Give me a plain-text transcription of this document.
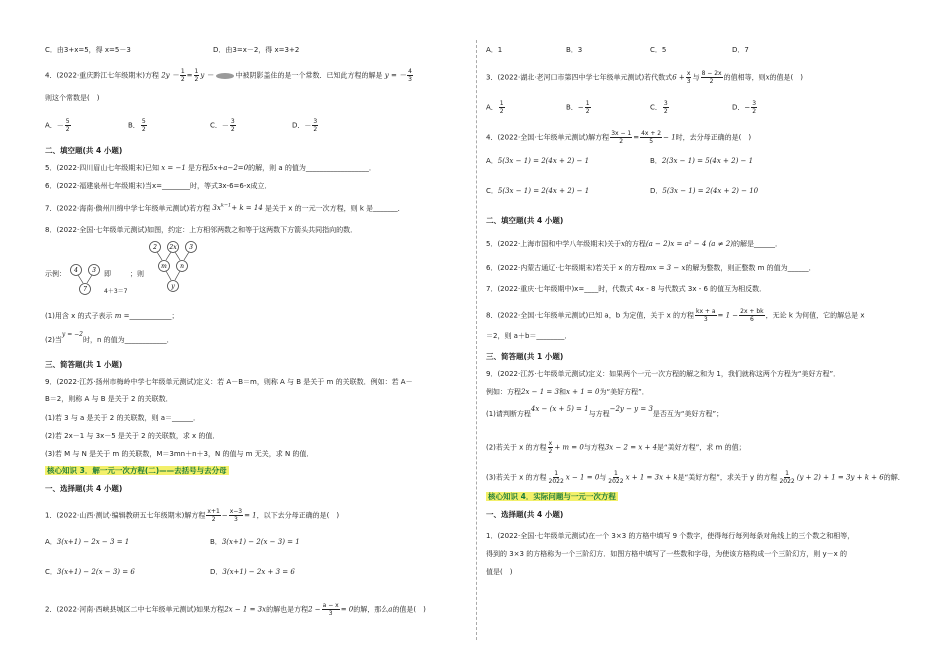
C．由3+x=5，得 x=5－3	D．由3=x－2，得 x=3+2
4．(2022·重庆黔江七年级期末)方程 $2y - \frac{1}{2} = \frac{1}{2}$ y －	中被阴影盖住的是一个常数．已知此方程的解是 y = － $\frac{4}{3}$
则这个常数是(　)
A．－ $\frac{5}{2}$	B． $\frac{5}{2}$	C．－ $\frac{3}{2}$	D．－ $\frac{3}{2}$
二、填空题(共 4 小题)
5．(2022·四川眉山七年级期末)已知 x = −1 是方程5x+a−2=0的解，则 a 的值为__________________．
6．(2022·福建泉州七年级期末)当x=________时，等式3x-6=6-x成立．
7．(2022·海南·儋州川绵中学七年级单元测试)若方程 $3x^{k-1}+ k = 14$ 是关于 x 的一元一次方程，则 k 是_______．
8．(2022·全国·七年级单元测试)如图，约定：上方相邻两数之和等于这两数下方箭头共同指向的数．
2 2x 3
m n
y
示例： 4 3
7
即
4＋3＝7
；则
(1)用含 x 的式子表示 m =____________；
(2)当y = −2时，n 的值为____________．
三、简答题(共 1 小题)
9．(2022·江苏·扬州市梅岭中学七年级单元测试)定义：若 A－B＝m，则称 A 与 B 是关于 m 的关联数．例如：若 A－
B＝2，则称 A 与 B 是关于 2 的关联数．
(1)若 3 与 a 是关于 2 的关联数，则 a＝______．
(2)若 2x－1 与 3x－5 是关于 2 的关联数，求 x 的值．
(3)若 M 与 N 是关于 m 的关联数，M＝3mn＋n＋3，N 的值与 m 无关，求 N 的值．
核心知识 3．解一元一次方程(二)——去括号与去分母
一、选择题(共 4 小题)
1．(2022·山西·测试·编辑教研五七年级期末)解方程 $\frac{x+1}{2} - \frac{x-3}{3} = 1$，以下去分母正确的是(　)
A．3(x+1) − 2x − 3 = 1	B．3(x+1) − 2(x − 3) = 1
C．3(x+1) − 2(x − 3) = 6	D．3(x+1) − 2x + 3 = 6
2．(2022·河南·西峡县城区二中七年级单元测试)如果方程2x − 1 = 3x的解也是方程$2 - \frac{a - x}{3} = 0$的解，那么a的值是(　)
A．1	B．3	C．5	D．7
3．(2022·湖北·老河口市第四中学七年级单元测试)若代数式$6 + \frac{x}{3}$ 与 $\frac{8 - 2x}{2}$ 的值相等，则x的值是(　)
A． $\frac{1}{2}$	B．− $\frac{1}{2}$	C． $\frac{3}{2}$	D．− $\frac{3}{2}$
4．(2022·全国·七年级单元测试)解方程 $\frac{3x - 1}{2} = \frac{4x + 2}{5} - 1$时，去分母正确的是(　)
A．5(3x − 1) = 2(4x + 2) − 1	B．2(3x − 1) = 5(4x + 2) − 1
C．5(3x − 1) = 2(4x + 2) − 1	D．5(3x − 1) = 2(4x + 2) − 10
二、填空题(共 4 小题)
5．(2022·上海市国和中学八年级期末)关于x的方程(a − 2)x = a² − 4 (a ≠ 2)的解是______．
6．(2022·内蒙古通辽·七年级期末)若关于 x 的方程mx = 3 − x的解为整数，则正整数 m 的值为______．
7．(2022·重庆·七年级期中)x=____时，代数式 4x - 8 与代数式 3x - 6 的值互为相反数．
8．(2022·全国·七年级单元测试)已知 a，b 为定值，关于 x 的方程 $\frac{kx + a}{3} = 1 - \frac{2x + bk}{6}$ ，无论 k 为何值，它的解总是 x
＝2，则 a＋b＝________．
三、简答题(共 1 小题)
9．(2022·江苏·七年级单元测试)定义：如果两个一元一次方程的解之和为 1，我们就称这两个方程为“美好方程”．
例如：方程2x − 1 = 3和x + 1 = 0为“美好方程”．
(1)请判断方程4x − (x + 5) = 1与方程−2y − y = 3是否互为“美好方程”；
(2)若关于 x 的方程 $\frac{x}{2} + m = 0$与方程3x − 2 = x + 4是“美好方程”，求 m 的值；
(3)若关于 x 的方程 $\frac{1}{2022}$ x − 1 = 0与 $\frac{1}{2022}$ x + 1 = 3x + k是“美好方程”，求关于 y 的方程 $\frac{1}{2022} (y + 2) + 1 = 3y + k + 6$的解．
核心知识 4．实际问题与一元一次方程
一、选择题(共 4 小题)
1．(2022·全国·七年级单元测试)在一个 3×3 的方格中填写 9 个数字，使得每行每列每条对角线上的三个数之和相等，
得到的 3×3 的方格称为一个三阶幻方．如图方格中填写了一些数和字母，为使该方格构成一个三阶幻方，则 y－x 的
值是(　)
